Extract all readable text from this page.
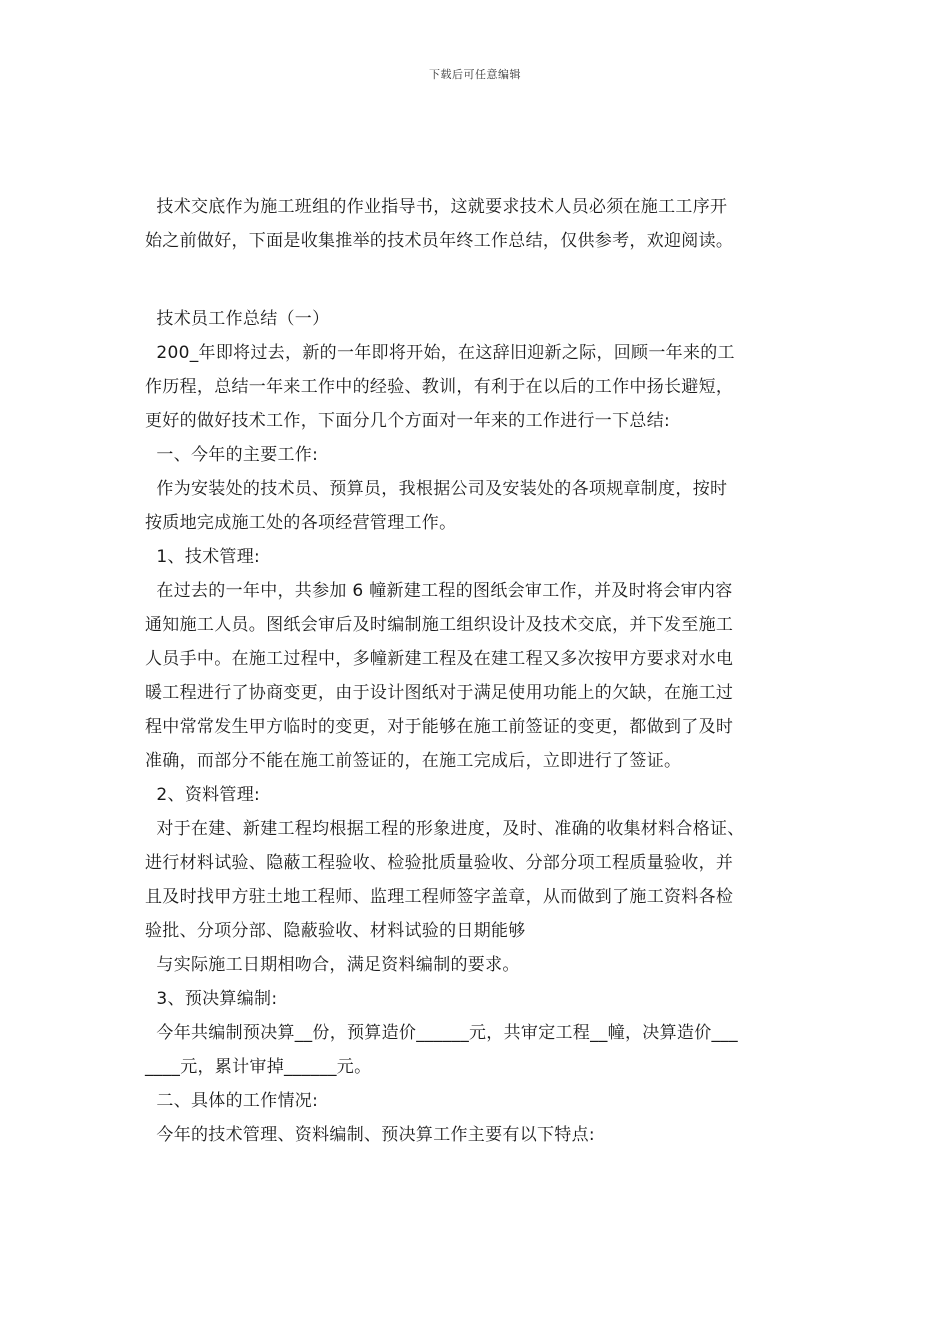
下载后可任意编辑
技术交底作为施工班组的作业指导书，这就要求技术人员必须在施工工序开
始之前做好，下面是收集推举的技术员年终工作总结，仅供参考，欢迎阅读。
技术员工作总结（一）
200_年即将过去，新的一年即将开始，在这辞旧迎新之际，回顾一年来的工
作历程，总结一年来工作中的经验、教训，有利于在以后的工作中扬长避短，
更好的做好技术工作，下面分几个方面对一年来的工作进行一下总结:
一、今年的主要工作:
作为安装处的技术员、预算员，我根据公司及安装处的各项规章制度，按时
按质地完成施工处的各项经营管理工作。
1、技术管理:
在过去的一年中，共参加 6 幢新建工程的图纸会审工作，并及时将会审内容
通知施工人员。图纸会审后及时编制施工组织设计及技术交底，并下发至施工
人员手中。在施工过程中，多幢新建工程及在建工程又多次按甲方要求对水电
暖工程进行了协商变更，由于设计图纸对于满足使用功能上的欠缺，在施工过
程中常常发生甲方临时的变更，对于能够在施工前签证的变更，都做到了及时
准确，而部分不能在施工前签证的，在施工完成后，立即进行了签证。
2、资料管理:
对于在建、新建工程均根据工程的形象进度，及时、准确的收集材料合格证、
进行材料试验、隐蔽工程验收、检验批质量验收、分部分项工程质量验收，并
且及时找甲方驻土地工程师、监理工程师签字盖章，从而做到了施工资料各检
验批、分项分部、隐蔽验收、材料试验的日期能够
与实际施工日期相吻合，满足资料编制的要求。
3、预决算编制:
今年共编制预决算__份，预算造价______元，共审定工程__幢，决算造价___
____元，累计审掉______元。
二、具体的工作情况:
今年的技术管理、资料编制、预决算工作主要有以下特点:
